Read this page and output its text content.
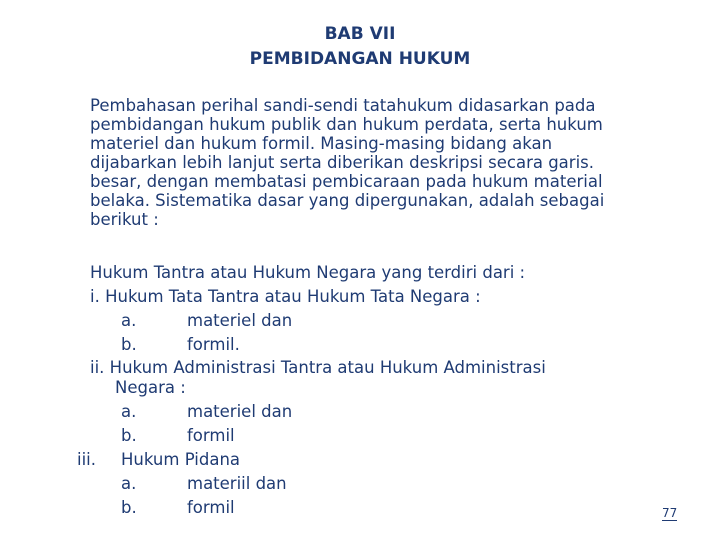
BAB VII
PEMBIDANGAN HUKUM
Pembahasan perihal sandi-sendi tatahukum didasarkan pada
pembidangan hukum publik dan hukum perdata, serta hukum
materiel dan hukum formil. Masing-masing bidang akan
dijabarkan lebih lanjut serta diberikan deskripsi secara garis.
besar, dengan membatasi pembicaraan pada hukum material
belaka. Sistematika dasar yang dipergunakan, adalah sebagai
berikut :
Hukum Tantra atau Hukum Negara yang terdiri dari :
i. Hukum Tata Tantra atau Hukum Tata Negara :
a.	materiel dan
b.	formil.
ii. Hukum Administrasi Tantra atau Hukum Administrasi
Negara :
a.	materiel dan
b.	formil
iii. Hukum Pidana
a.	materiil dan
b.	formil	77
